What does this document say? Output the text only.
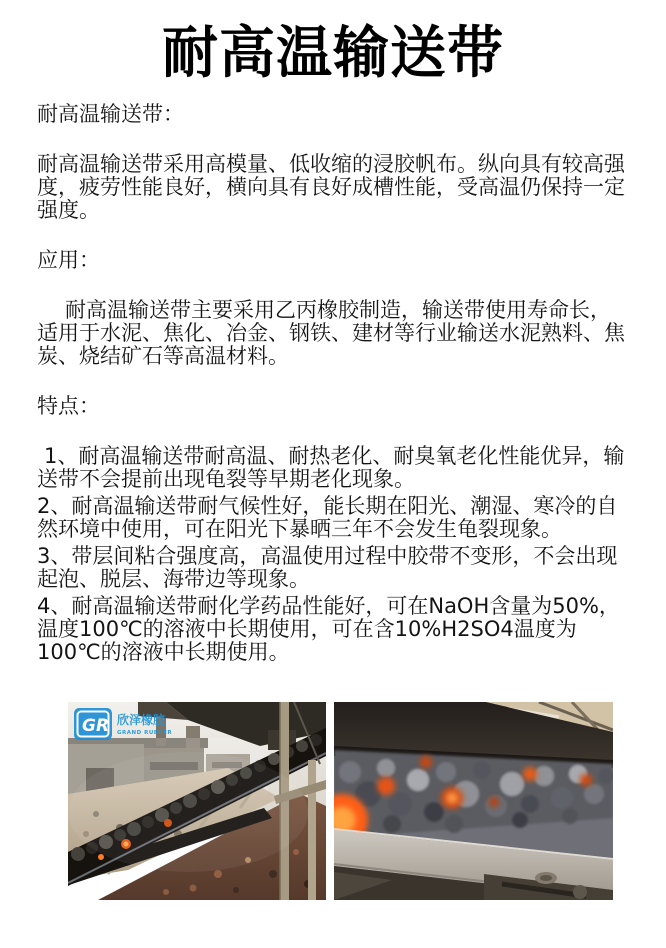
耐高温输送带

耐高温输送带：

耐高温输送带采用高模量、低收缩的浸胶帆布。纵向具有较高强度，疲劳性能良好，横向具有良好成槽性能，受高温仍保持一定强度。

应用：

耐高温输送带主要采用乙丙橡胶制造，输送带使用寿命长，适用于水泥、焦化、冶金、钢铁、建材等行业输送水泥熟料、焦炭、烧结矿石等高温材料。

特点：

1、耐高温输送带耐高温、耐热老化、耐臭氧老化性能优异，输送带不会提前出现龟裂等早期老化现象。

2、耐高温输送带耐气候性好，能长期在阳光、潮湿、寒冷的自然环境中使用，可在阳光下暴晒三年不会发生龟裂现象。

3、带层间粘合强度高，高温使用过程中胶带不变形，不会出现起泡、脱层、海带边等现象。

4、耐高温输送带耐化学药品性能好，可在NaOH含量为50%，温度100℃的溶液中长期使用，可在含10%H2SO4温度为100℃的溶液中长期使用。

GR 欣泽橡胶
GRAND RUBBER
